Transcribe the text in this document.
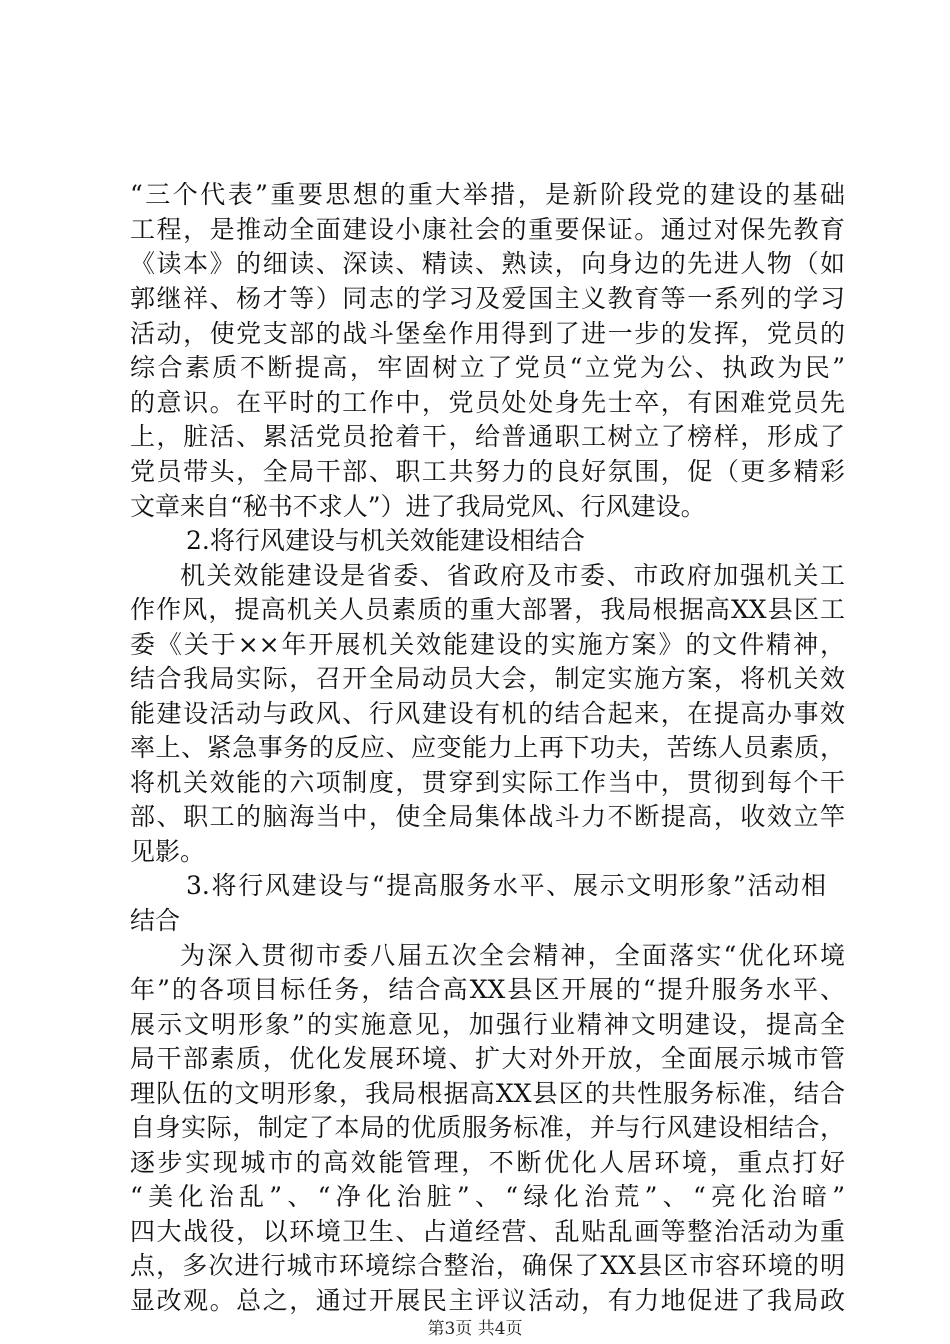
“三个代表”重要思想的重大举措，是新阶段党的建设的基础
工程，是推动全面建设小康社会的重要保证。通过对保先教育
《读本》的细读、深读、精读、熟读，向身边的先进人物（如
郭继祥、杨才等）同志的学习及爱国主义教育等一系列的学习
活动，使党支部的战斗堡垒作用得到了进一步的发挥，党员的
综合素质不断提高，牢固树立了党员“立党为公、执政为民”
的意识。在平时的工作中，党员处处身先士卒，有困难党员先
上，脏活、累活党员抢着干，给普通职工树立了榜样，形成了
党员带头，全局干部、职工共努力的良好氛围，促（更多精彩
文章来自“秘书不求人”）进了我局党风、行风建设。
2.将行风建设与机关效能建设相结合
机关效能建设是省委、省政府及市委、市政府加强机关工
作作风，提高机关人员素质的重大部署，我局根据高XX县区工
委《关于××年开展机关效能建设的实施方案》的文件精神，
结合我局实际，召开全局动员大会，制定实施方案，将机关效
能建设活动与政风、行风建设有机的结合起来，在提高办事效
率上、紧急事务的反应、应变能力上再下功夫，苦练人员素质，
将机关效能的六项制度，贯穿到实际工作当中，贯彻到每个干
部、职工的脑海当中，使全局集体战斗力不断提高，收效立竿
见影。
3.将行风建设与“提高服务水平、展示文明形象”活动相
结合
为深入贯彻市委八届五次全会精神，全面落实“优化环境
年”的各项目标任务，结合高XX县区开展的“提升服务水平、
展示文明形象”的实施意见，加强行业精神文明建设，提高全
局干部素质，优化发展环境、扩大对外开放，全面展示城市管
理队伍的文明形象，我局根据高XX县区的共性服务标准，结合
自身实际，制定了本局的优质服务标准，并与行风建设相结合，
逐步实现城市的高效能管理，不断优化人居环境，重点打好
“美化治乱”、“净化治脏”、“绿化治荒”、“亮化治暗”
四大战役，以环境卫生、占道经营、乱贴乱画等整治活动为重
点，多次进行城市环境综合整治，确保了XX县区市容环境的明
显改观。总之，通过开展民主评议活动，有力地促进了我局政
第3页 共4页
